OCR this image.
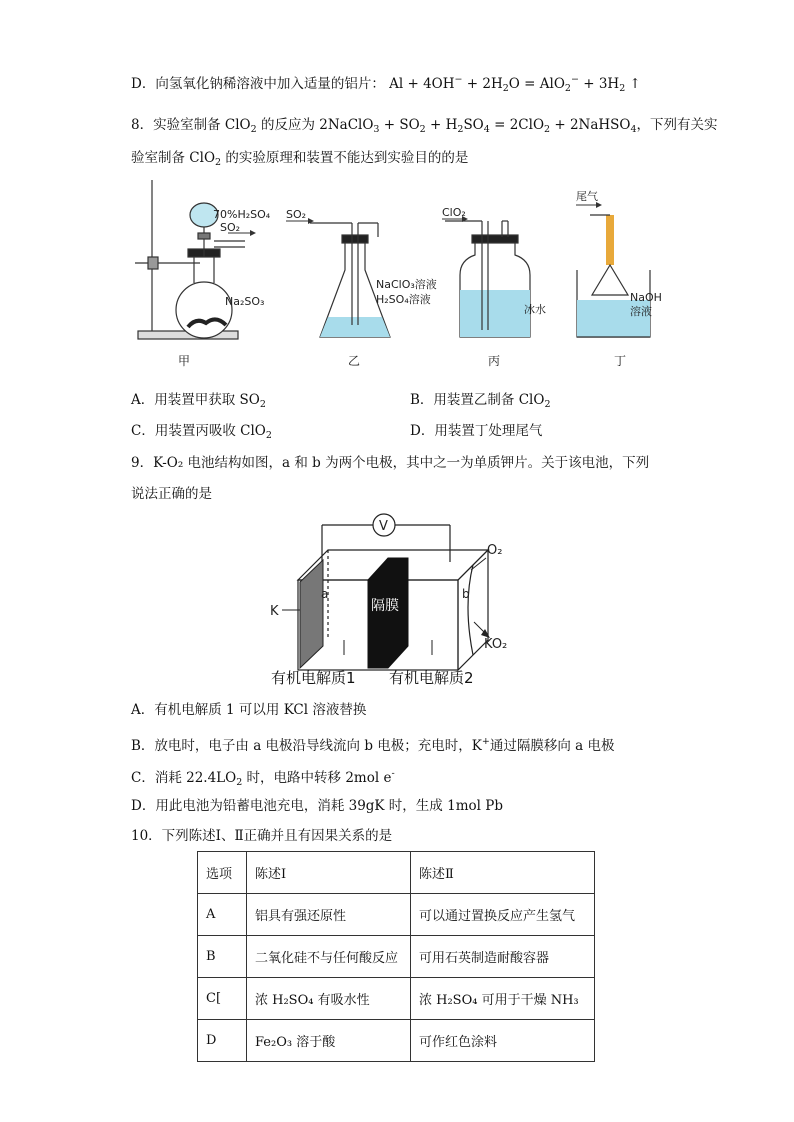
D．向氢氧化钠稀溶液中加入适量的铝片： $Al + 4OH^- + 2H_2O = AlO_2^- + 3H_2$ ↑
8．实验室制备 ClO$_2$ 的反应为 2NaClO$_3$ + $SO_2 + H_2SO_4 = 2ClO_2$ + 2NaHSO$_4$，下列有关实
验室制备 ClO$_2$ 的实验原理和装置不能达到实验目的的是
70%H₂SO₄
SO₂
Na₂SO₃
甲
SO₂
NaClO₃溶液
H₂SO₄溶液
乙
ClO₂
冰水
丙
尾气
NaOH
溶液
丁
A．用装置甲获取 $SO_2$	B．用装置乙制备 ClO$_2$
C．用装置丙吸收 ClO$_2$	D．用装置丁处理尾气
9．K-O₂ 电池结构如图，a 和 b 为两个电极，其中之一为单质钾片。关于该电池，下列
说法正确的是
V
a
隔膜
b
O₂
KO₂
K
有机电解质1 有机电解质2
A．有机电解质 1 可以用 KCl 溶液替换
B．放电时，电子由 a 电极沿导线流向 b 电极；充电时，K+通过隔膜移向 a 电极
C．消耗 $22.4LO_2$ 时，电路中转移 2mol e-
D．用此电池为铅蓄电池充电，消耗 39gK 时，生成 1mol Pb
10．下列陈述Ⅰ、Ⅱ正确并且有因果关系的是
选项	陈述Ⅰ	陈述Ⅱ
A	铝具有强还原性	可以通过置换反应产生氢气
B	二氧化硅不与任何酸反应	可用石英制造耐酸容器
C[	浓 H₂SO₄ 有吸水性	浓 H₂SO₄ 可用于干燥 NH₃
D	Fe₂O₃ 溶于酸	可作红色涂料
